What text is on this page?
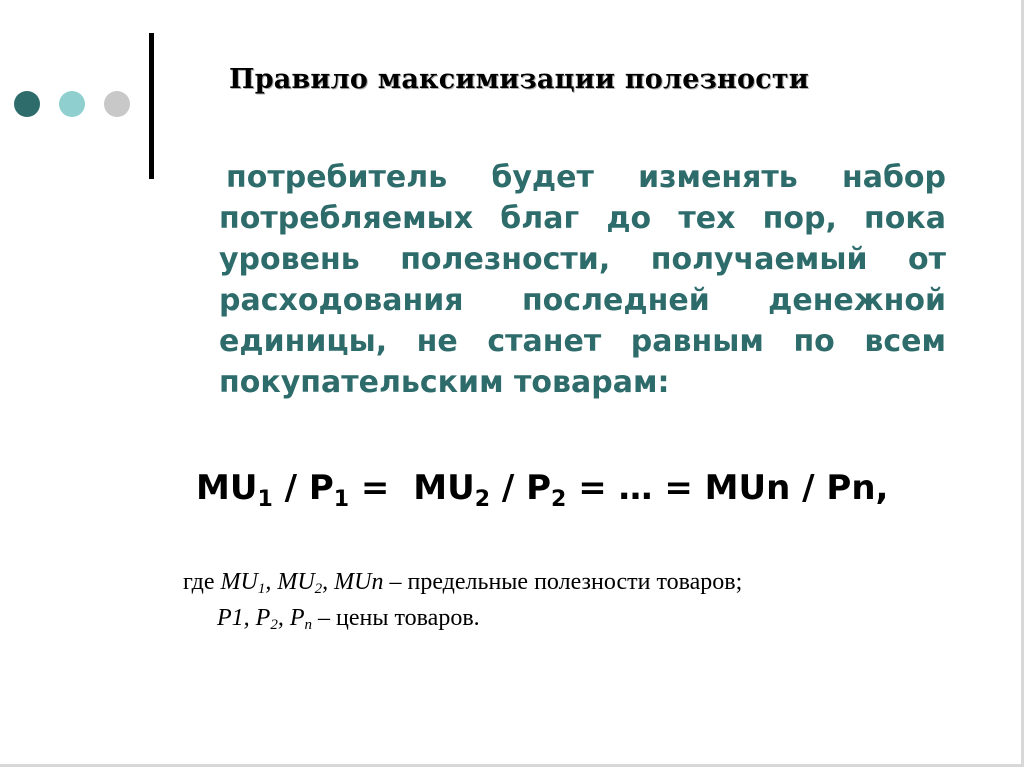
Правило максимизации полезности

потребитель будет изменять набор потребляемых благ до тех пор, пока уровень полезности, получаемый от расходования последней денежной единицы, не станет равным по всем покупательским товарам:

$MU_1 / P_1 = MU_2 / P_2$ = … = MUn / Pn,
где $MU_1$, $MU_2$, MUn – предельные полезности товаров;
P1, $P_2$, $P_n$ – цены товаров.
